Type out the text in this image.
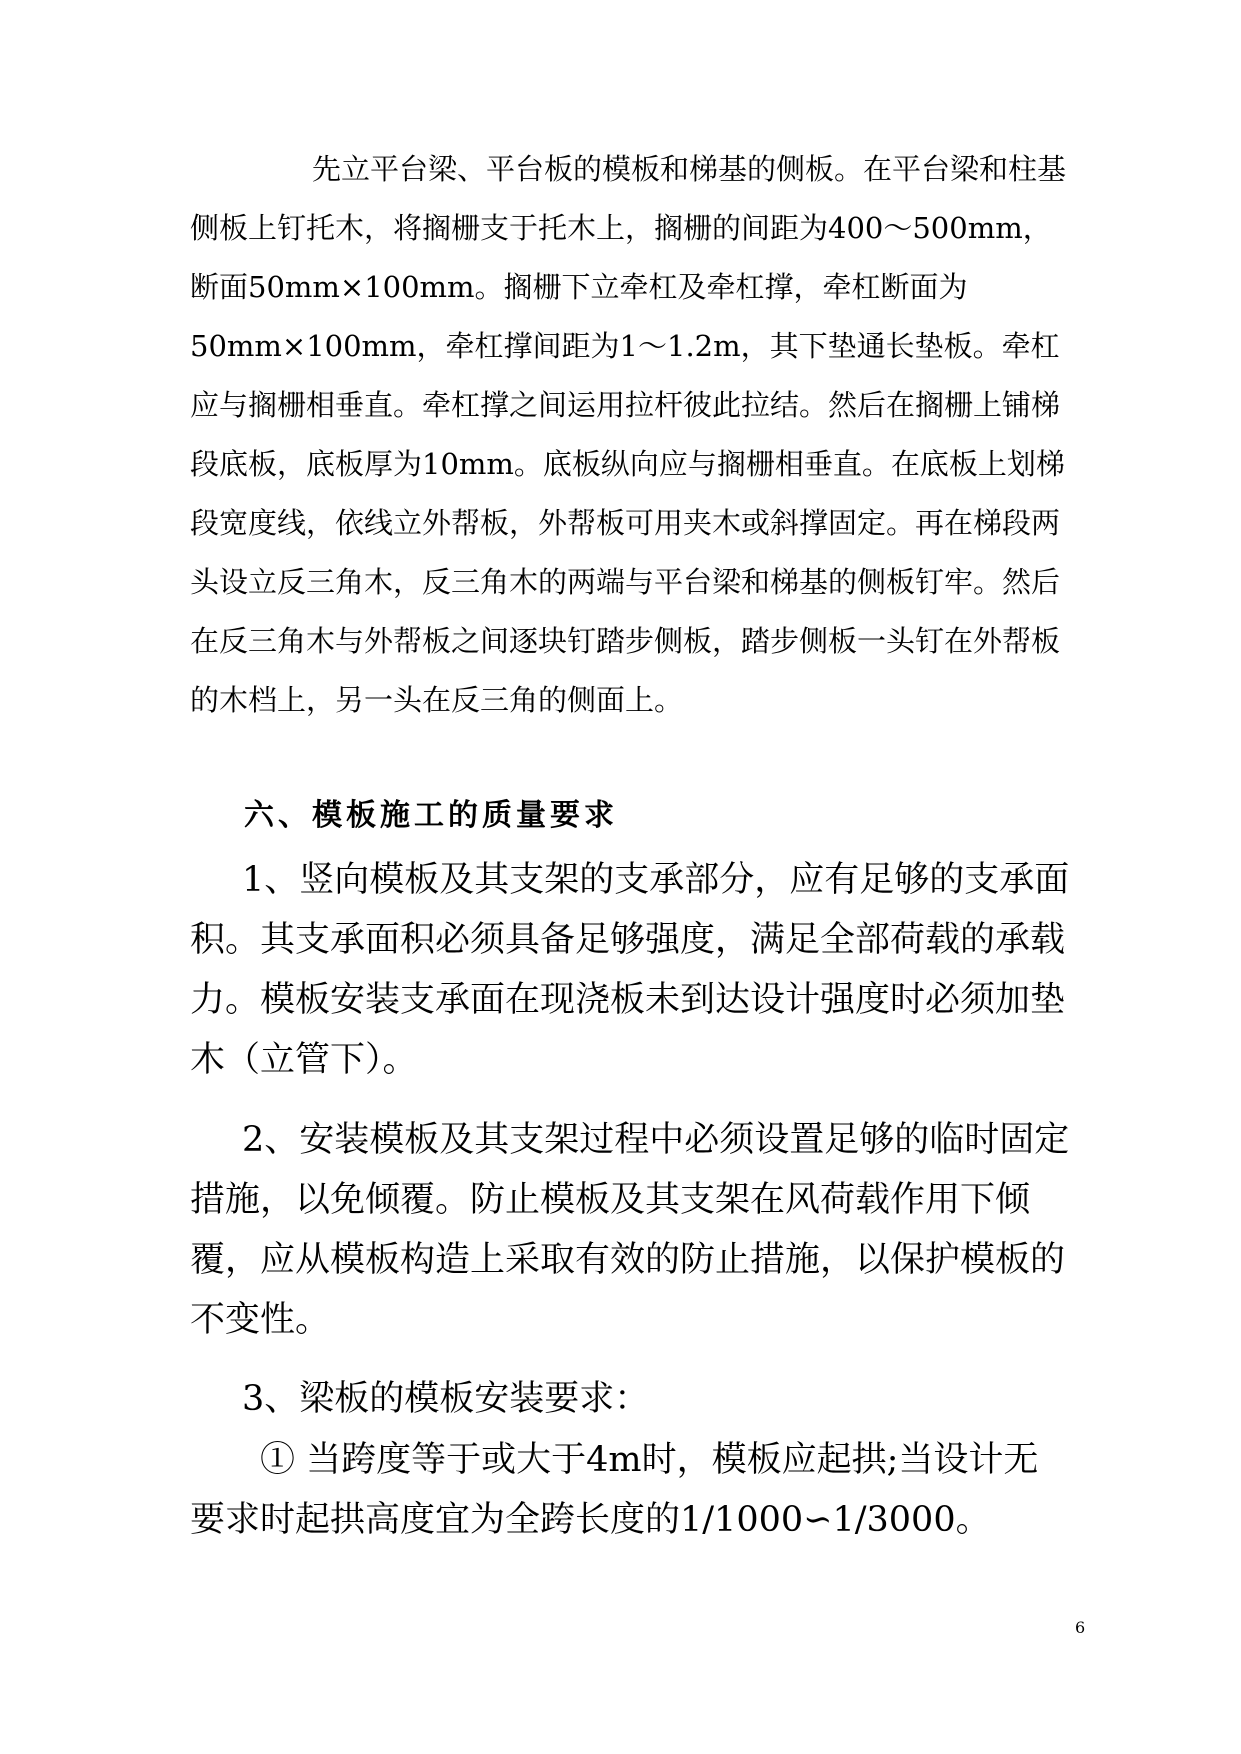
先立平台梁、平台板的模板和梯基的侧板。在平台梁和柱基侧板上钉托木，将搁栅支于托木上，搁栅的间距为400～500mm，断面50mm×100mm。搁栅下立牵杠及牵杠撑，牵杠断面为50mm×100mm，牵杠撑间距为1～1.2m，其下垫通长垫板。牵杠应与搁栅相垂直。牵杠撑之间运用拉杆彼此拉结。然后在搁栅上铺梯段底板，底板厚为10mm。底板纵向应与搁栅相垂直。在底板上划梯段宽度线，依线立外帮板，外帮板可用夹木或斜撑固定。再在梯段两头设立反三角木，反三角木的两端与平台梁和梯基的侧板钉牢。然后在反三角木与外帮板之间逐块钉踏步侧板，踏步侧板一头钉在外帮板的木档上，另一头在反三角的侧面上。

六、模板施工的质量要求

1、竖向模板及其支架的支承部分，应有足够的支承面积。其支承面积必须具备足够强度，满足全部荷载的承载力。模板安装支承面在现浇板未到达设计强度时必须加垫木（立管下）。

2、安装模板及其支架过程中必须设置足够的临时固定措施，以免倾覆。防止模板及其支架在风荷载作用下倾覆，应从模板构造上采取有效的防止措施，以保护模板的不变性。

3、梁板的模板安装要求：

① 当跨度等于或大于4m时，模板应起拱;当设计无要求时起拱高度宜为全跨长度的1/1000∽1/3000。

6
